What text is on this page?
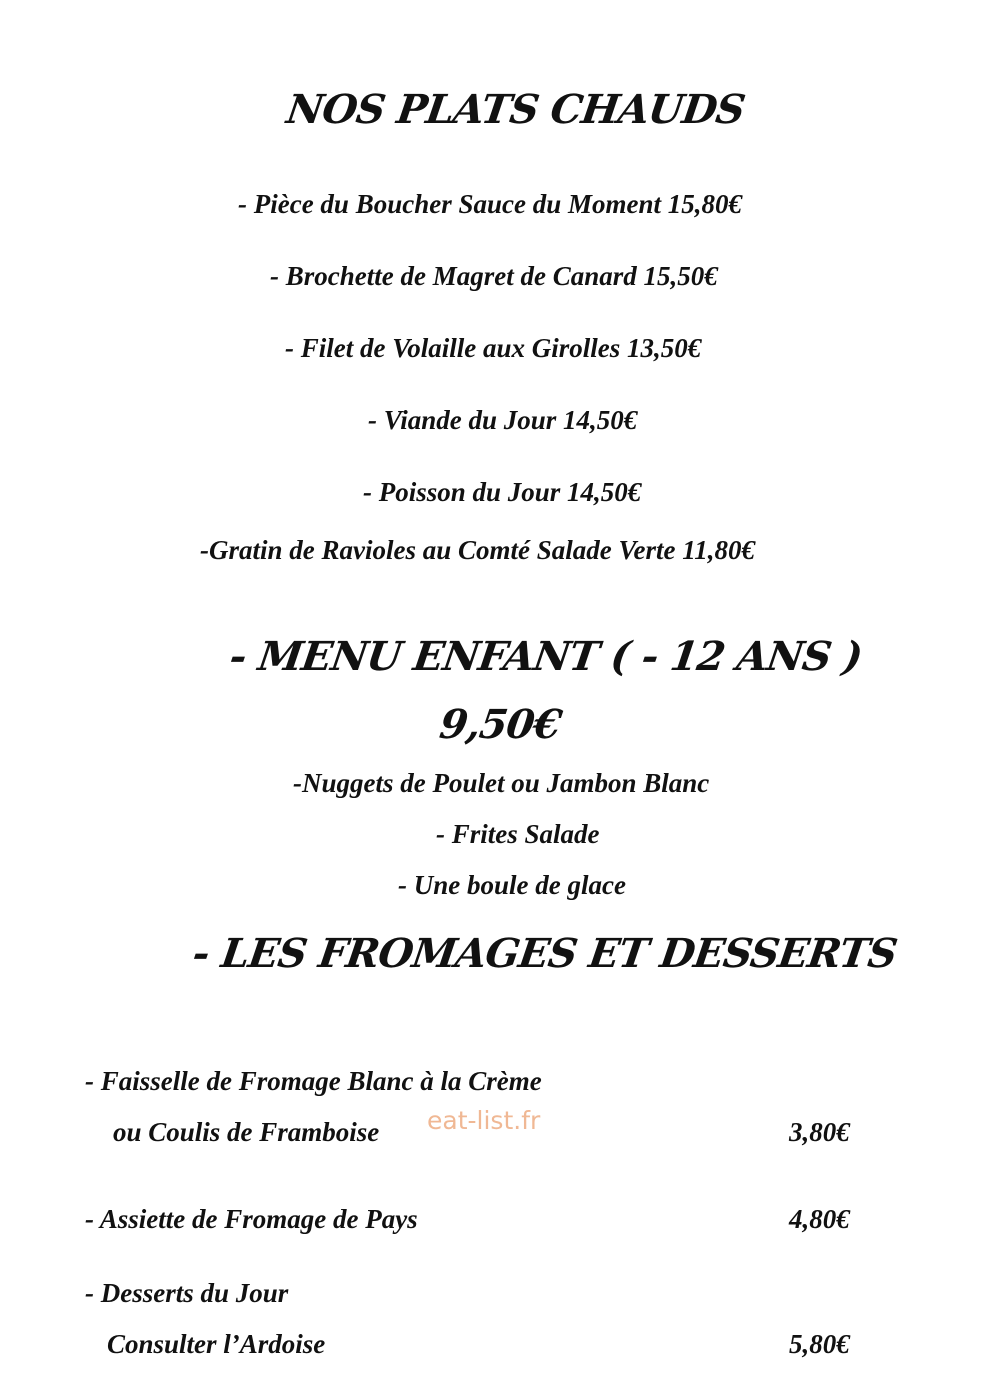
NOS PLATS CHAUDS
- Pièce du Boucher Sauce du Moment 15,80€
- Brochette de Magret de Canard 15,50€
- Filet de Volaille aux Girolles 13,50€
- Viande du Jour 14,50€
- Poisson du Jour 14,50€
-Gratin de Ravioles au Comté Salade Verte 11,80€
- MENU ENFANT ( - 12 ANS )
9,50€
-Nuggets de Poulet ou Jambon Blanc
- Frites Salade
- Une boule de glace
- LES FROMAGES ET DESSERTS
- Faisselle de Fromage Blanc à la Crème
ou Coulis de Framboise eat-list.fr	3,80€
- Assiette de Fromage de Pays	4,80€
- Desserts du Jour
Consulter l’Ardoise	5,80€
